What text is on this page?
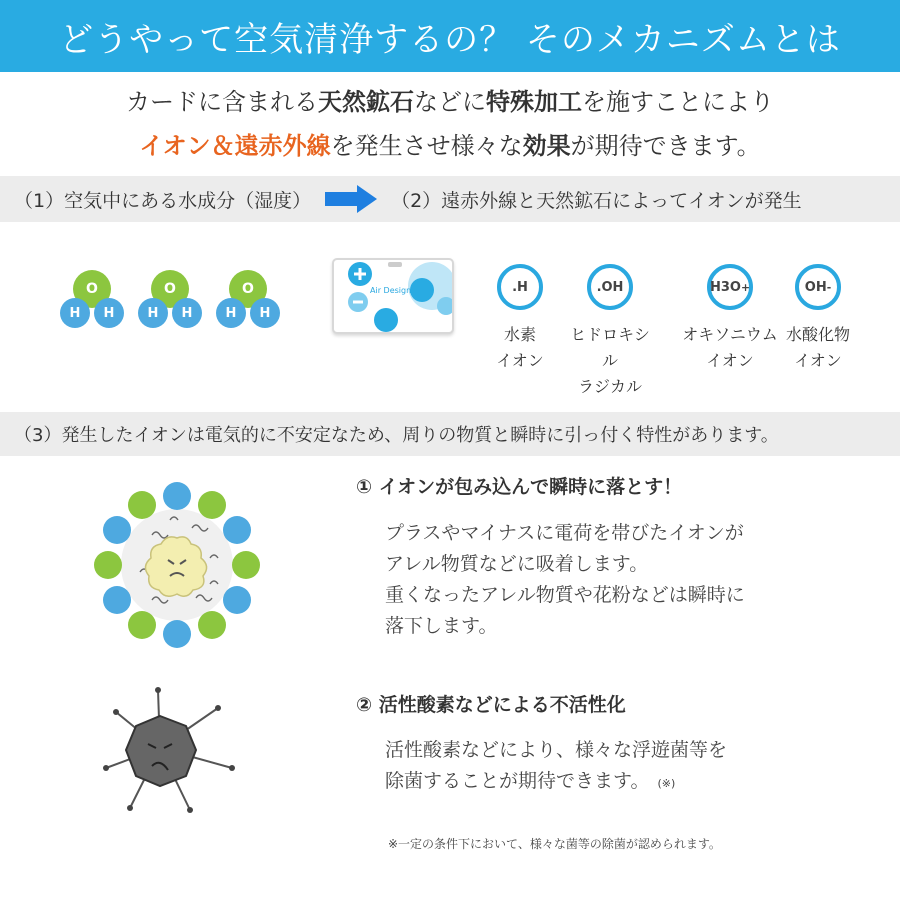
どうやって空気清浄するの？ そのメカニズムとは
カードに含まれる天然鉱石などに特殊加工を施すことにより
イオン＆遠赤外線を発生させ様々な効果が期待できます。
（1）空気中にある水成分（湿度）	（2）遠赤外線と天然鉱石によってイオンが発生
O
H	H
O
H	H
O
H	H
Air Design	.H
水素
イオン
.OH
ヒドロキシル
ラジカル
H3O +
オキソニウム
イオン
OH -
水酸化物
イオン
（3）発生したイオンは電気的に不安定なため、周りの物質と瞬時に引っ付く特性があります。
① イオンが包み込んで瞬時に落とす！
プラスやマイナスに電荷を帯びたイオンが
アレル物質などに吸着します。
重くなったアレル物質や花粉などは瞬時に
落下します。
② 活性酸素などによる不活性化
活性酸素などにより、様々な浮遊菌等を
除菌することが期待できます。 (※)
※一定の条件下において、様々な菌等の除菌が認められます。
